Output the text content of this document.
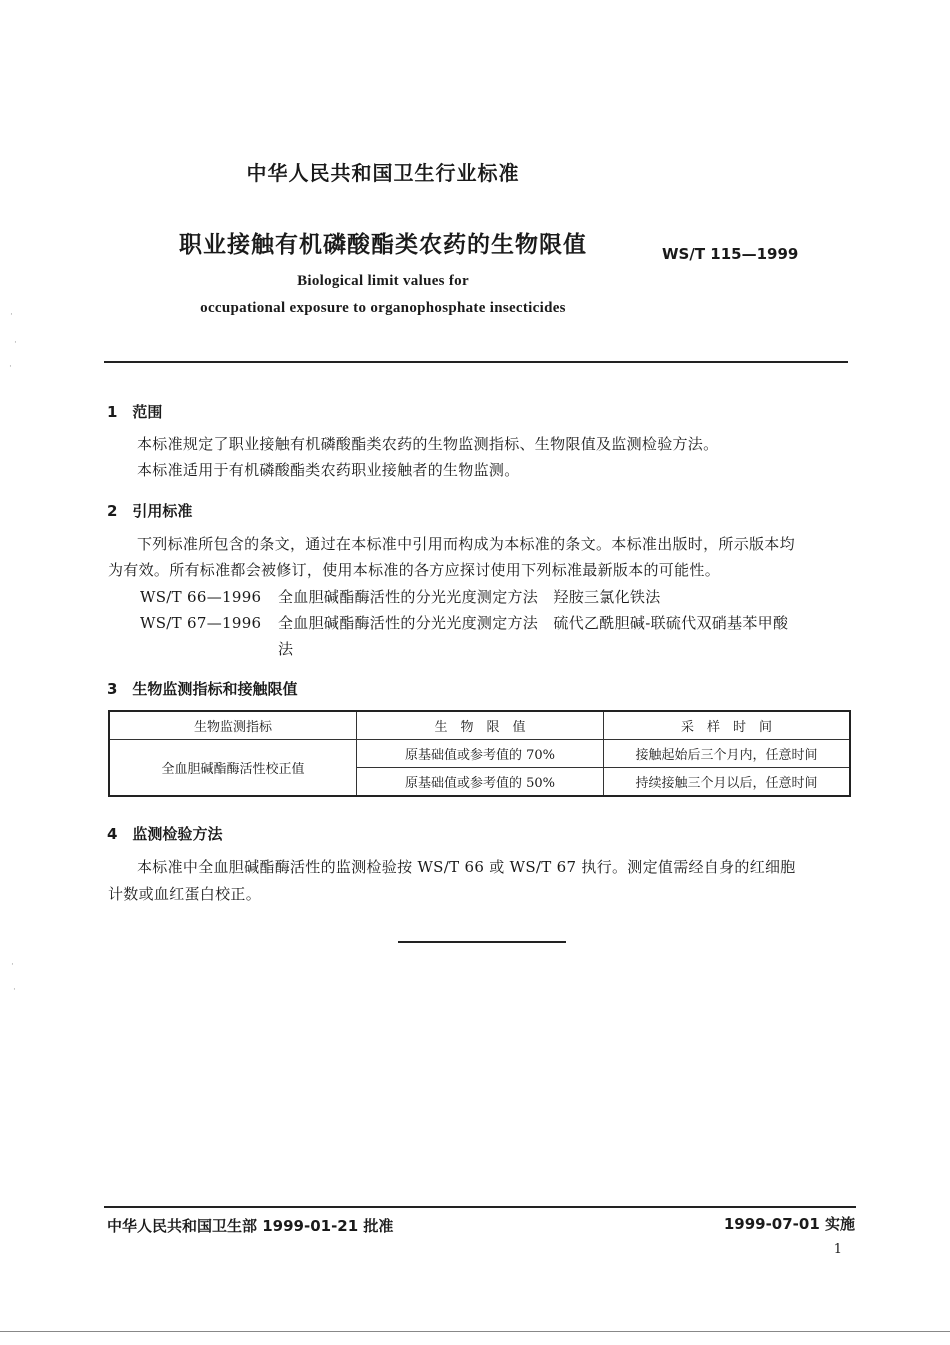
中华人民共和国卫生行业标准
职业接触有机磷酸酯类农药的生物限值	WS/T 115—1999
Biological limit values for
occupational exposure to organophosphate insecticides
1　范围
本标准规定了职业接触有机磷酸酯类农药的生物监测指标、生物限值及监测检验方法。
本标准适用于有机磷酸酯类农药职业接触者的生物监测。
2　引用标准
下列标准所包含的条文，通过在本标准中引用而构成为本标准的条文。本标准出版时，所示版本均
为有效。所有标准都会被修订，使用本标准的各方应探讨使用下列标准最新版本的可能性。
WS/T 66—1996 全血胆碱酯酶活性的分光光度测定方法　羟胺三氯化铁法
WS/T 67—1996 全血胆碱酯酶活性的分光光度测定方法　硫代乙酰胆碱-联硫代双硝基苯甲酸
法
3　生物监测指标和接触限值
生物监测指标	生　物　限　值	采　样　时　间
全血胆碱酯酶活性校正值	原基础值或参考值的 70%	接触起始后三个月内，任意时间
	原基础值或参考值的 50%	持续接触三个月以后，任意时间
4　监测检验方法
本标准中全血胆碱酯酶活性的监测检验按 WS/T 66 或 WS/T 67 执行。测定值需经自身的红细胞
计数或血红蛋白校正。
中华人民共和国卫生部 1999-01-21 批准	1999-07-01 实施
1
·
·
·
·
·
